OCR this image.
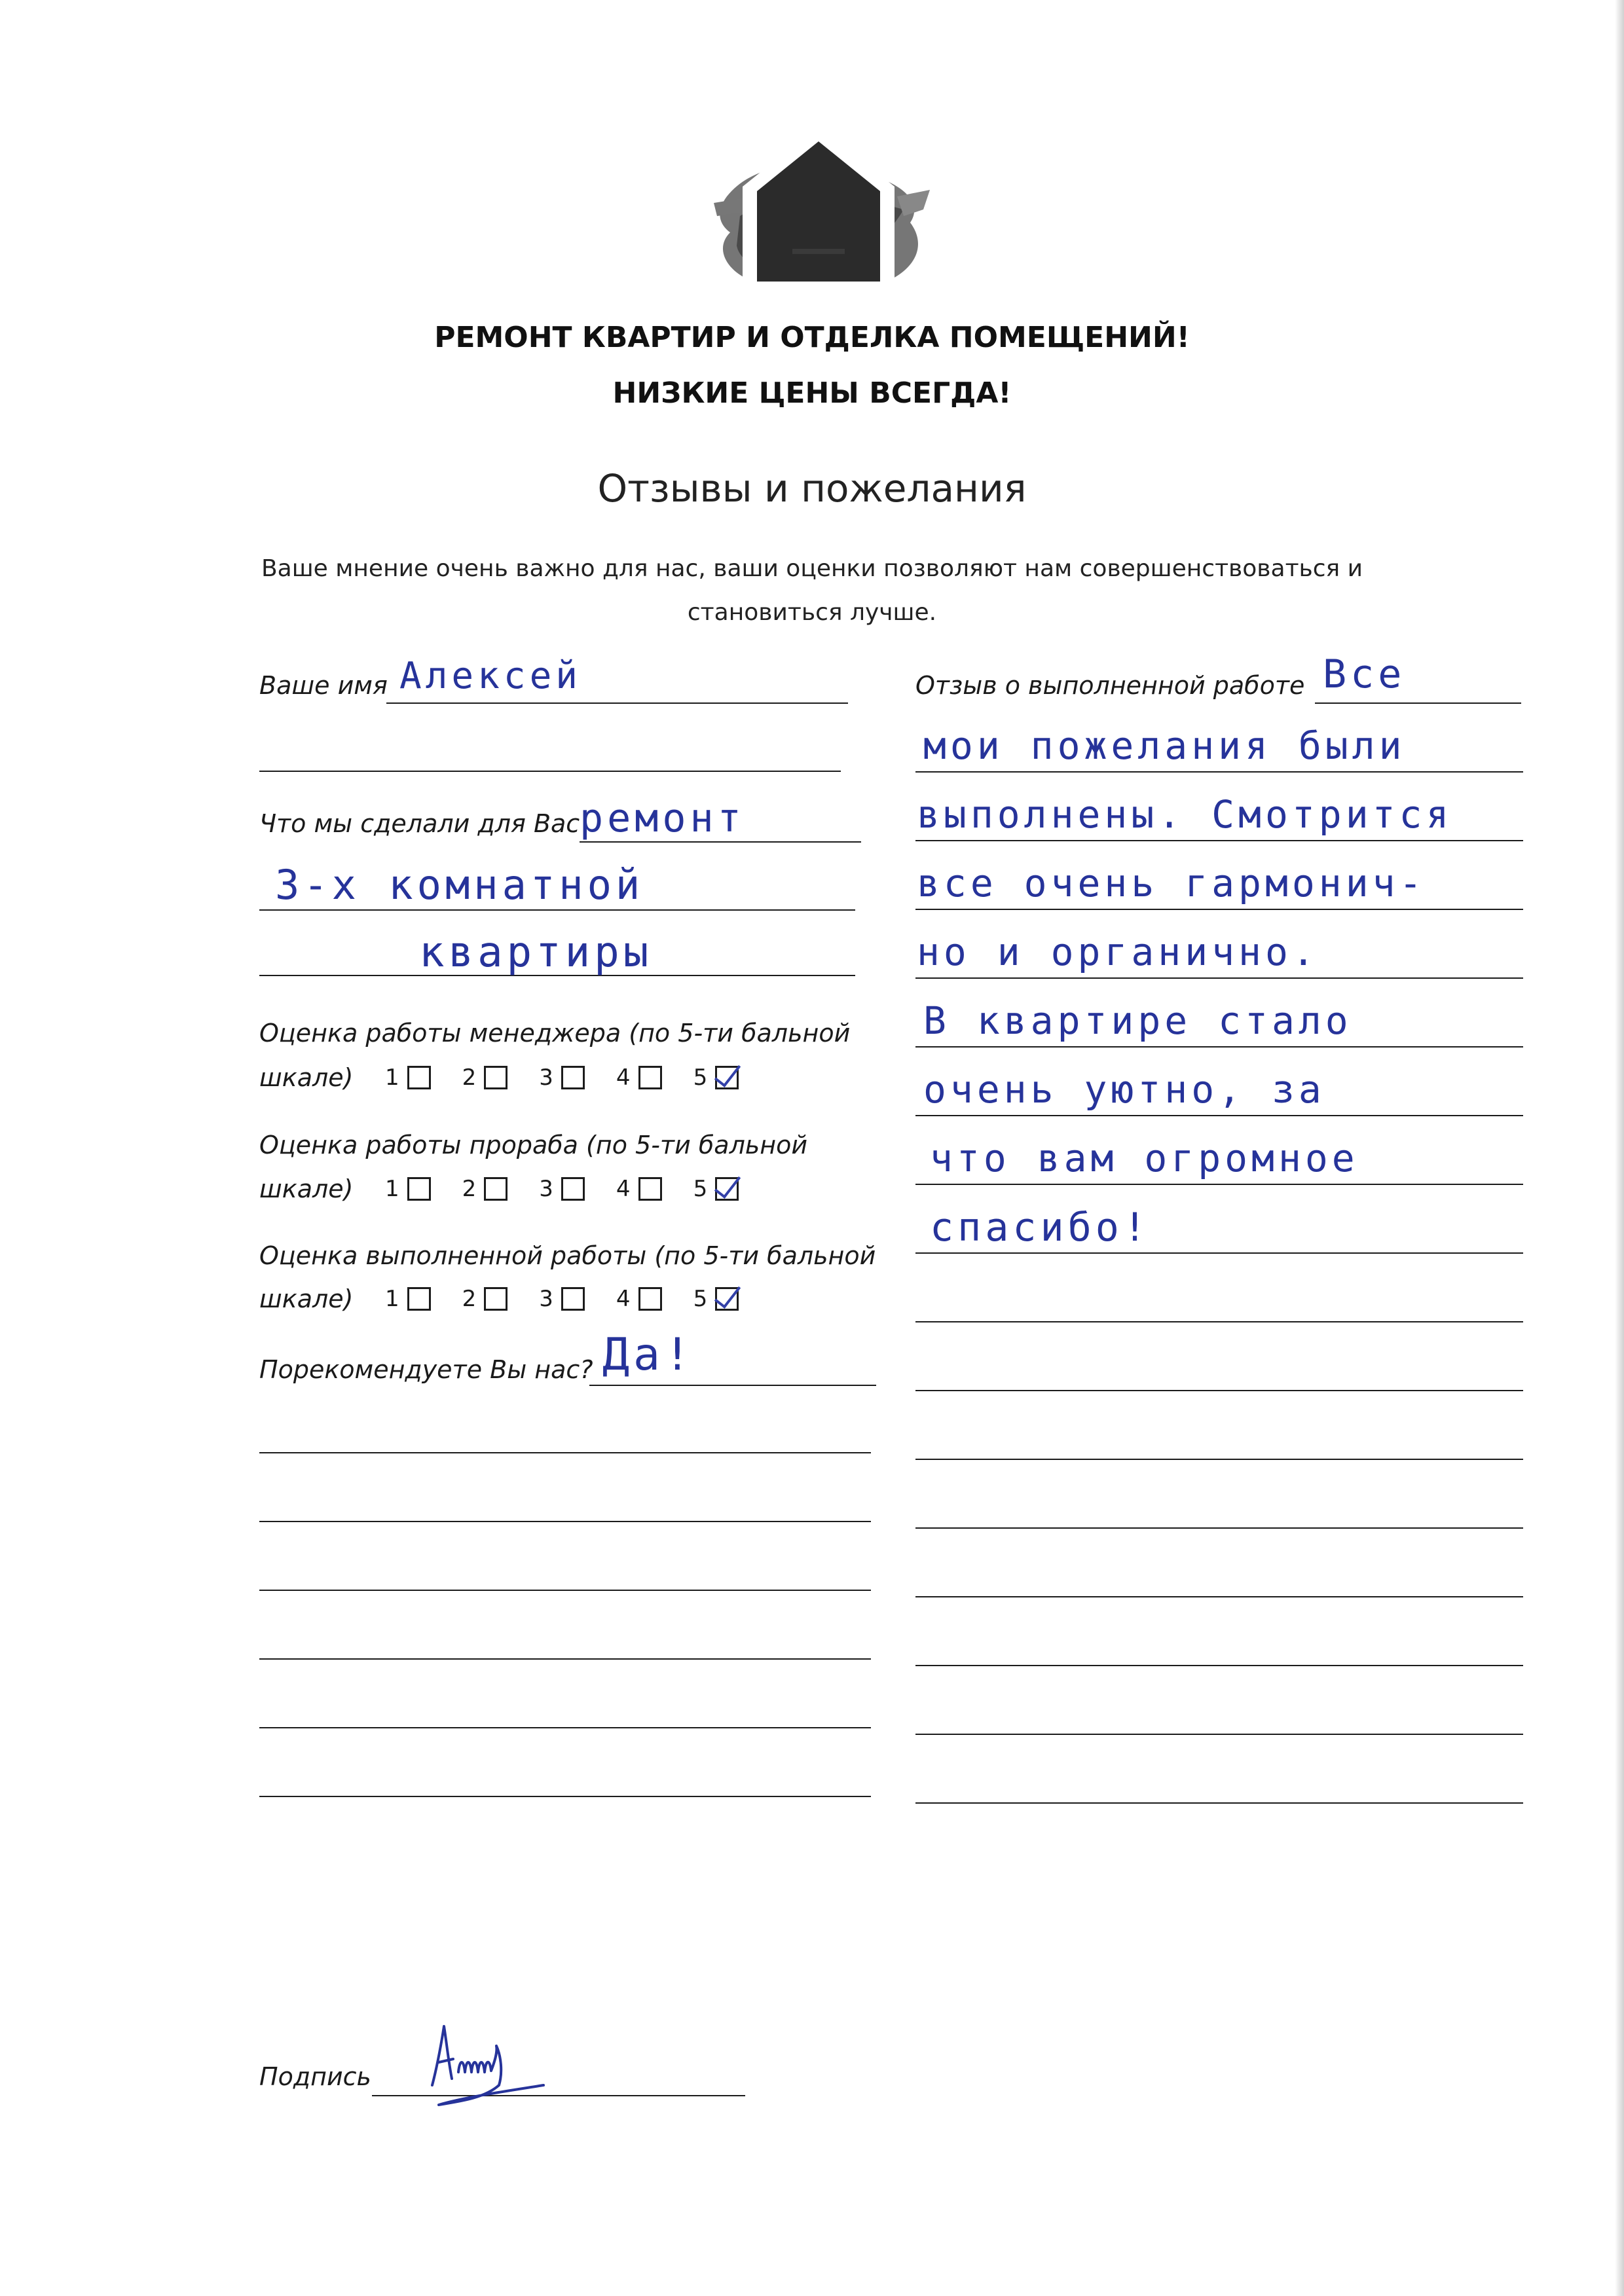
РЕМОНТ КВАРТИР И ОТДЕЛКА ПОМЕЩЕНИЙ!
НИЗКИЕ ЦЕНЫ ВСЕГДА!
Отзывы и пожелания
Ваше мнение очень важно для нас, ваши оценки позволяют нам совершенствоваться и
становиться лучше.
Ваше имя Алексей
Что мы сделали для Вас ремонт
3-х комнатной
квартиры
Оценка работы менеджера (по 5-ти бальной
шкале) 1	2	3	4	5
Оценка работы прораба (по 5-ти бальной
шкале) 1	2	3	4	5
Оценка выполненной работы (по 5-ти бальной
шкале) 1	2	3	4	5
Порекомендуете Вы нас? Да!
Отзыв о выполненной работе Все
мои пожелания были
выполнены. Смотрится
все очень гармонич-
но и органично.
В квартире стало
очень уютно, за
что вам огромное
спасибо!
Подпись
